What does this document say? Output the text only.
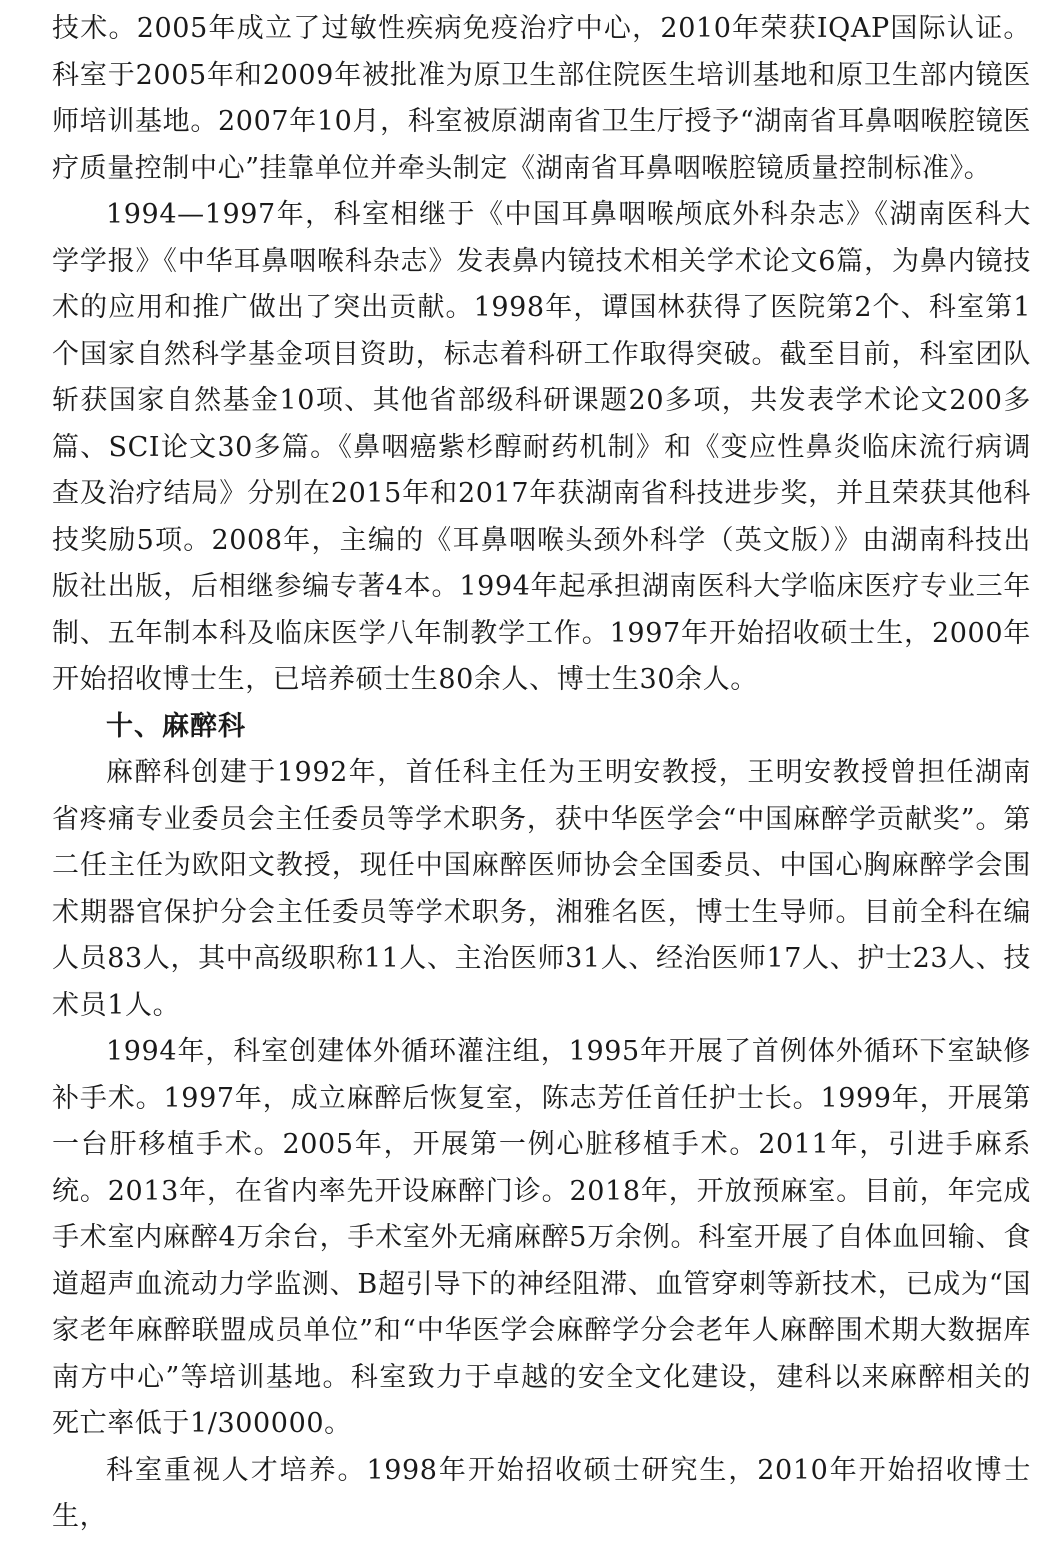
技术。2005年成立了过敏性疾病免疫治疗中心，2010年荣获IQAP国际认证。科室于2005年和2009年被批准为原卫生部住院医生培训基地和原卫生部内镜医师培训基地。2007年10月，科室被原湖南省卫生厅授予“湖南省耳鼻咽喉腔镜医疗质量控制中心”挂靠单位并牵头制定《湖南省耳鼻咽喉腔镜质量控制标准》。

1994—1997年，科室相继于《中国耳鼻咽喉颅底外科杂志》《湖南医科大学学报》《中华耳鼻咽喉科杂志》发表鼻内镜技术相关学术论文6篇，为鼻内镜技术的应用和推广做出了突出贡献。1998年，谭国林获得了医院第2个、科室第1个国家自然科学基金项目资助，标志着科研工作取得突破。截至目前，科室团队斩获国家自然基金10项、其他省部级科研课题20多项，共发表学术论文200多篇、SCI论文30多篇。《鼻咽癌紫杉醇耐药机制》和《变应性鼻炎临床流行病调查及治疗结局》分别在2015年和2017年获湖南省科技进步奖，并且荣获其他科技奖励5项。2008年，主编的《耳鼻咽喉头颈外科学（英文版）》由湖南科技出版社出版，后相继参编专著4本。1994年起承担湖南医科大学临床医疗专业三年制、五年制本科及临床医学八年制教学工作。1997年开始招收硕士生，2000年开始招收博士生，已培养硕士生80余人、博士生30余人。

十、麻醉科

麻醉科创建于1992年，首任科主任为王明安教授，王明安教授曾担任湖南省疼痛专业委员会主任委员等学术职务，获中华医学会“中国麻醉学贡献奖”。第二任主任为欧阳文教授，现任中国麻醉医师协会全国委员、中国心胸麻醉学会围术期器官保护分会主任委员等学术职务，湘雅名医，博士生导师。目前全科在编人员83人，其中高级职称11人、主治医师31人、经治医师17人、护士23人、技术员1人。

1994年，科室创建体外循环灌注组，1995年开展了首例体外循环下室缺修补手术。1997年，成立麻醉后恢复室，陈志芳任首任护士长。1999年，开展第一台肝移植手术。2005年，开展第一例心脏移植手术。2011年，引进手麻系统。2013年，在省内率先开设麻醉门诊。2018年，开放预麻室。目前，年完成手术室内麻醉4万余台，手术室外无痛麻醉5万余例。科室开展了自体血回输、食道超声血流动力学监测、B超引导下的神经阻滞、血管穿刺等新技术，已成为“国家老年麻醉联盟成员单位”和“中华医学会麻醉学分会老年人麻醉围术期大数据库南方中心”等培训基地。科室致力于卓越的安全文化建设，建科以来麻醉相关的死亡率低于1/300000。

科室重视人才培养。1998年开始招收硕士研究生，2010年开始招收博士生，
